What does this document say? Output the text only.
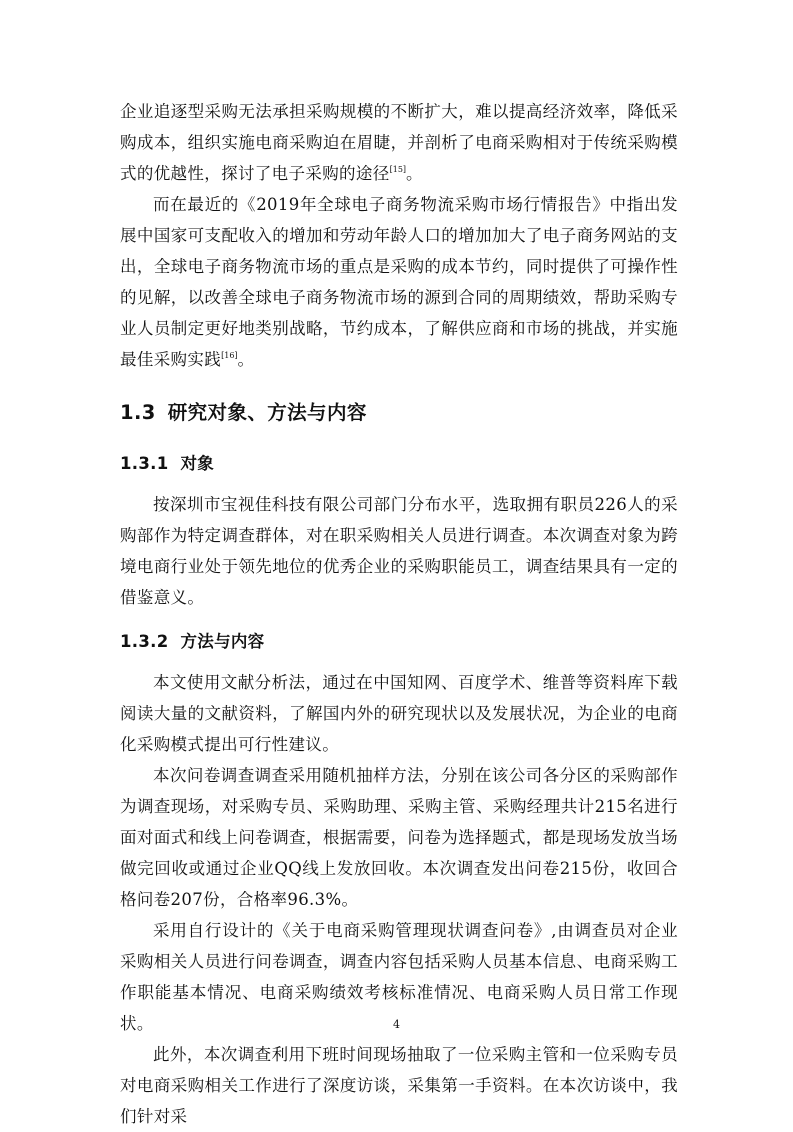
企业追逐型采购无法承担采购规模的不断扩大，难以提高经济效率，降低采购成本，组织实施电商采购迫在眉睫，并剖析了电商采购相对于传统采购模式的优越性，探讨了电子采购的途径[15]。

而在最近的《2019年全球电子商务物流采购市场行情报告》中指出发展中国家可支配收入的增加和劳动年龄人口的增加加大了电子商务网站的支出，全球电子商务物流市场的重点是采购的成本节约，同时提供了可操作性的见解，以改善全球电子商务物流市场的源到合同的周期绩效，帮助采购专业人员制定更好地类别战略，节约成本，了解供应商和市场的挑战，并实施最佳采购实践[16]。

1.3 研究对象、方法与内容
1.3.1 对象

按深圳市宝视佳科技有限公司部门分布水平，选取拥有职员226人的采购部作为特定调查群体，对在职采购相关人员进行调查。本次调查对象为跨境电商行业处于领先地位的优秀企业的采购职能员工，调查结果具有一定的借鉴意义。

1.3.2 方法与内容

本文使用文献分析法，通过在中国知网、百度学术、维普等资料库下载阅读大量的文献资料，了解国内外的研究现状以及发展状况，为企业的电商化采购模式提出可行性建议。

本次问卷调查调查采用随机抽样方法，分别在该公司各分区的采购部作为调查现场，对采购专员、采购助理、采购主管、采购经理共计215名进行面对面式和线上问卷调查，根据需要，问卷为选择题式，都是现场发放当场做完回收或通过企业QQ线上发放回收。本次调查发出问卷215份，收回合格问卷207份，合格率96.3%。

采用自行设计的《关于电商采购管理现状调查问卷》,由调查员对企业采购相关人员进行问卷调查，调查内容包括采购人员基本信息、电商采购工作职能基本情况、电商采购绩效考核标准情况、电商采购人员日常工作现状。

此外，本次调查利用下班时间现场抽取了一位采购主管和一位采购专员对电商采购相关工作进行了深度访谈，采集第一手资料。在本次访谈中，我们针对采

4
